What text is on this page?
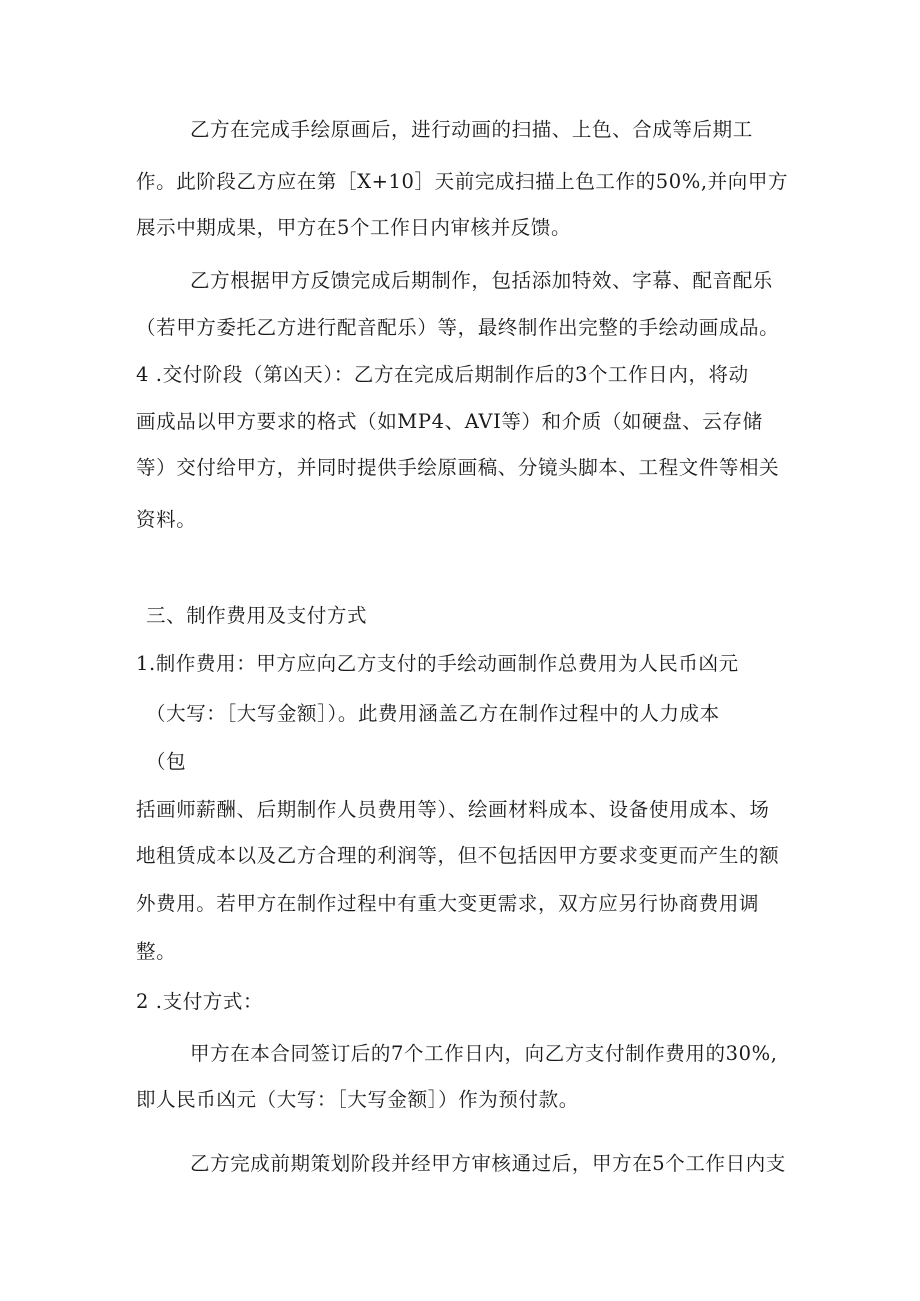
乙方在完成手绘原画后，进行动画的扫描、上色、合成等后期工
作。此阶段乙方应在第［X+10］天前完成扫描上色工作的50%,并向甲方
展示中期成果，甲方在5个工作日内审核并反馈。
乙方根据甲方反馈完成后期制作，包括添加特效、字幕、配音配乐
（若甲方委托乙方进行配音配乐）等，最终制作出完整的手绘动画成品。
4 .交付阶段（第凶天）：乙方在完成后期制作后的3个工作日内，将动
画成品以甲方要求的格式（如MP4、AVI等）和介质（如硬盘、云存储
等）交付给甲方，并同时提供手绘原画稿、分镜头脚本、工程文件等相关
资料。
三、制作费用及支付方式
1.制作费用：甲方应向乙方支付的手绘动画制作总费用为人民币凶元
（大写：［大写金额］）。此费用涵盖乙方在制作过程中的人力成本
（包
括画师薪酬、后期制作人员费用等）、绘画材料成本、设备使用成本、场
地租赁成本以及乙方合理的利润等，但不包括因甲方要求变更而产生的额
外费用。若甲方在制作过程中有重大变更需求，双方应另行协商费用调
整。
2 .支付方式：
甲方在本合同签订后的7个工作日内，向乙方支付制作费用的30%,
即人民币凶元（大写：［大写金额］）作为预付款。
乙方完成前期策划阶段并经甲方审核通过后，甲方在5个工作日内支
